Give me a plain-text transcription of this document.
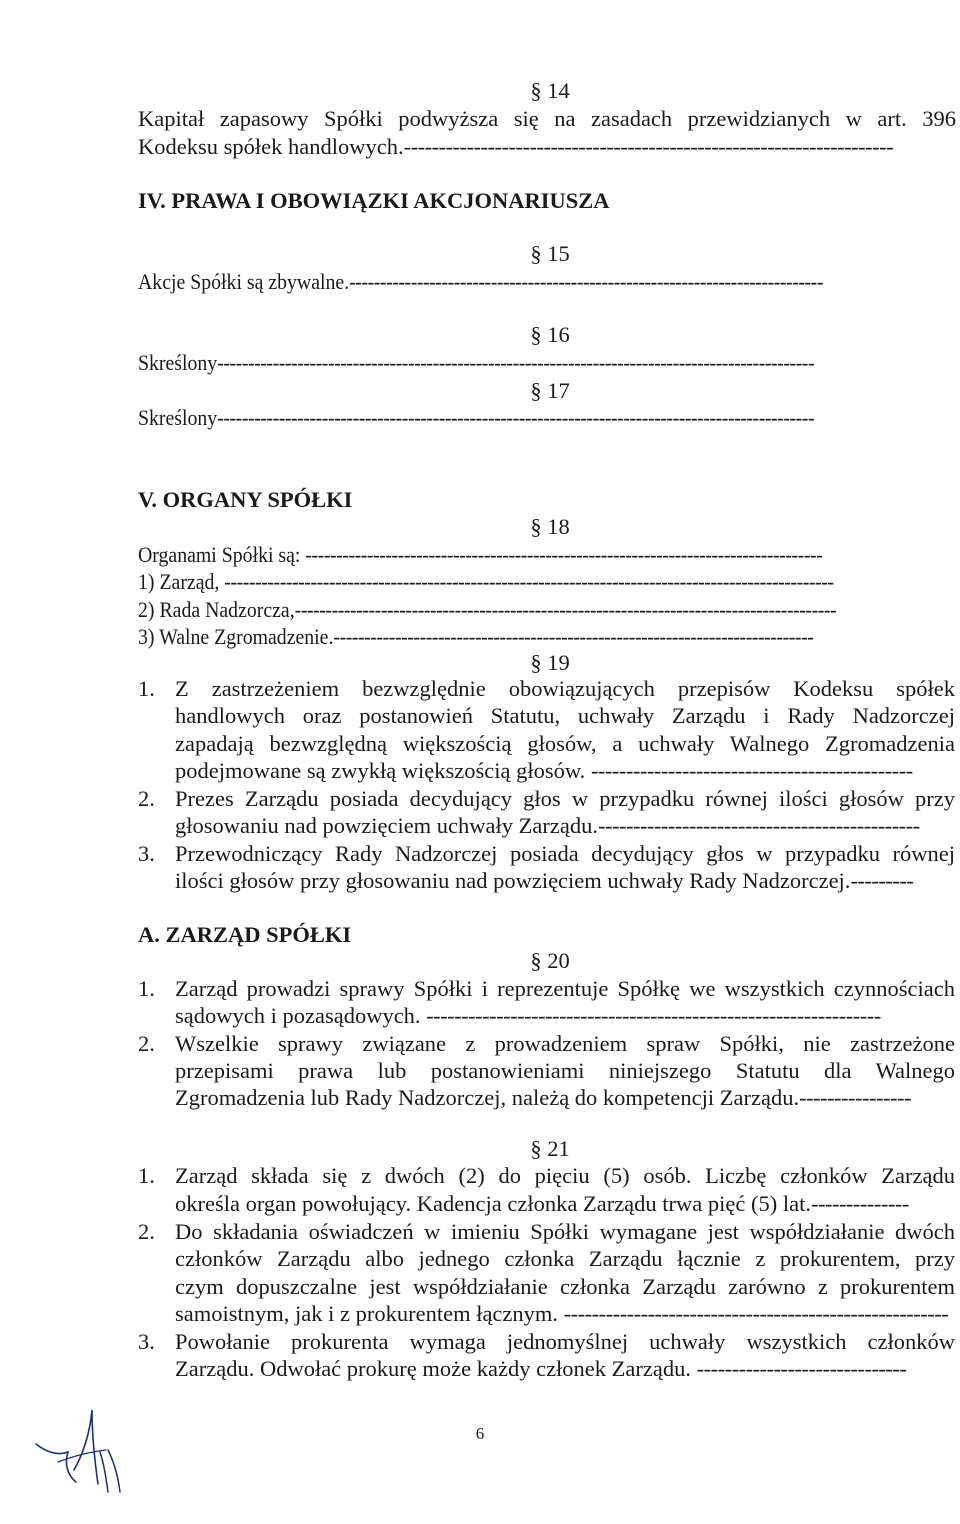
§ 14
Kapitał zapasowy Spółki podwyższa się na zasadach przewidzianych w art. 396
Kodeksu spółek handlowych.----------------------------------------------------------------------
IV. PRAWA I OBOWIĄZKI AKCJONARIUSZA
§ 15
Akcje Spółki są zbywalne.-----------------------------------------------------------------------------
§ 16
Skreślony-------------------------------------------------------------------------------------------------
§ 17
Skreślony-------------------------------------------------------------------------------------------------
V. ORGANY SPÓŁKI
§ 18
Organami Spółki są: ------------------------------------------------------------------------------------
1) Zarząd, ---------------------------------------------------------------------------------------------------
2) Rada Nadzorcza,----------------------------------------------------------------------------------------
3) Walne Zgromadzenie.------------------------------------------------------------------------------
§ 19
1. Z zastrzeżeniem bezwzględnie obowiązujących przepisów Kodeksu spółek
handlowych oraz postanowień Statutu, uchwały Zarządu i Rady Nadzorczej
zapadają bezwzględną większością głosów, a uchwały Walnego Zgromadzenia
podejmowane są zwykłą większością głosów. ----------------------------------------------
2. Prezes Zarządu posiada decydujący głos w przypadku równej ilości głosów przy
głosowaniu nad powzięciem uchwały Zarządu.----------------------------------------------
3. Przewodniczący Rady Nadzorczej posiada decydujący głos w przypadku równej
ilości głosów przy głosowaniu nad powzięciem uchwały Rady Nadzorczej.---------
A. ZARZĄD SPÓŁKI
§ 20
1. Zarząd prowadzi sprawy Spółki i reprezentuje Spółkę we wszystkich czynnościach
sądowych i pozasądowych. -----------------------------------------------------------------
2. Wszelkie sprawy związane z prowadzeniem spraw Spółki, nie zastrzeżone
przepisami prawa lub postanowieniami niniejszego Statutu dla Walnego
Zgromadzenia lub Rady Nadzorczej, należą do kompetencji Zarządu.----------------
§ 21
1. Zarząd składa się z dwóch (2) do pięciu (5) osób. Liczbę członków Zarządu
określa organ powołujący. Kadencja członka Zarządu trwa pięć (5) lat.--------------
2. Do składania oświadczeń w imieniu Spółki wymagane jest współdziałanie dwóch
członków Zarządu albo jednego członka Zarządu łącznie z prokurentem, przy
czym dopuszczalne jest współdziałanie członka Zarządu zarówno z prokurentem
samoistnym, jak i z prokurentem łącznym. -------------------------------------------------------
3. Powołanie prokurenta wymaga jednomyślnej uchwały wszystkich członków
Zarządu. Odwołać prokurę może każdy członek Zarządu. ------------------------------
6
